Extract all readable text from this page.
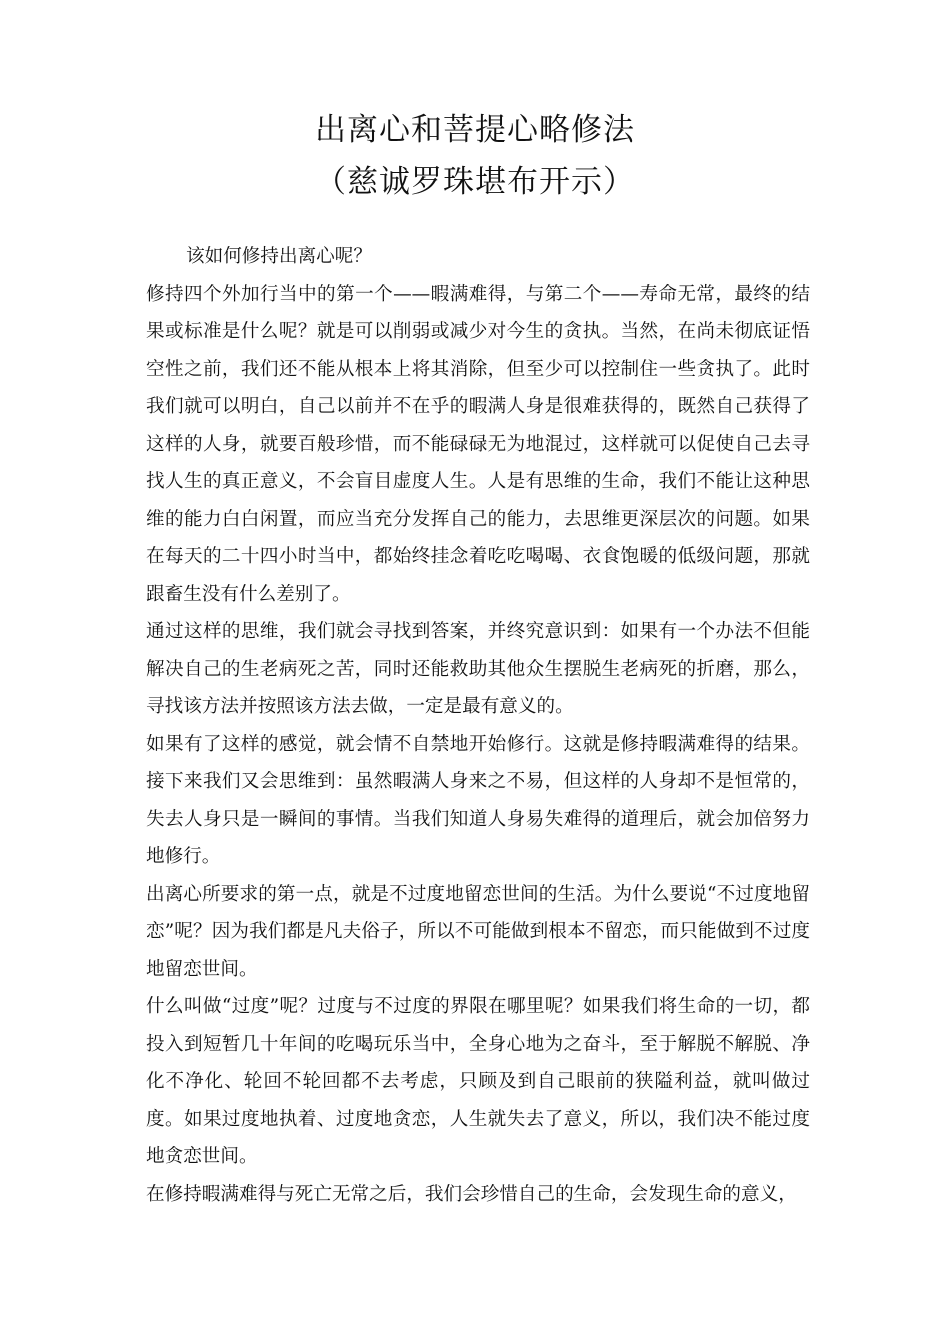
出离心和菩提心略修法
（慈诚罗珠堪布开示）

该如何修持出离心呢？

修持四个外加行当中的第一个——暇满难得，与第二个——寿命无常，最终的结果或标准是什么呢？就是可以削弱或减少对今生的贪执。当然，在尚未彻底证悟空性之前，我们还不能从根本上将其消除，但至少可以控制住一些贪执了。此时我们就可以明白，自己以前并不在乎的暇满人身是很难获得的，既然自己获得了这样的人身，就要百般珍惜，而不能碌碌无为地混过，这样就可以促使自己去寻找人生的真正意义，不会盲目虚度人生。人是有思维的生命，我们不能让这种思维的能力白白闲置，而应当充分发挥自己的能力，去思维更深层次的问题。如果在每天的二十四小时当中，都始终挂念着吃吃喝喝、衣食饱暖的低级问题，那就跟畜生没有什么差别了。

通过这样的思维，我们就会寻找到答案，并终究意识到：如果有一个办法不但能解决自己的生老病死之苦，同时还能救助其他众生摆脱生老病死的折磨，那么，寻找该方法并按照该方法去做，一定是最有意义的。

如果有了这样的感觉，就会情不自禁地开始修行。这就是修持暇满难得的结果。接下来我们又会思维到：虽然暇满人身来之不易，但这样的人身却不是恒常的，失去人身只是一瞬间的事情。当我们知道人身易失难得的道理后，就会加倍努力地修行。

出离心所要求的第一点，就是不过度地留恋世间的生活。为什么要说“不过度地留恋”呢？因为我们都是凡夫俗子，所以不可能做到根本不留恋，而只能做到不过度地留恋世间。

什么叫做“过度”呢？过度与不过度的界限在哪里呢？如果我们将生命的一切，都投入到短暂几十年间的吃喝玩乐当中，全身心地为之奋斗，至于解脱不解脱、净化不净化、轮回不轮回都不去考虑，只顾及到自己眼前的狭隘利益，就叫做过度。如果过度地执着、过度地贪恋，人生就失去了意义，所以，我们决不能过度地贪恋世间。

在修持暇满难得与死亡无常之后，我们会珍惜自己的生命，会发现生命的意义，
